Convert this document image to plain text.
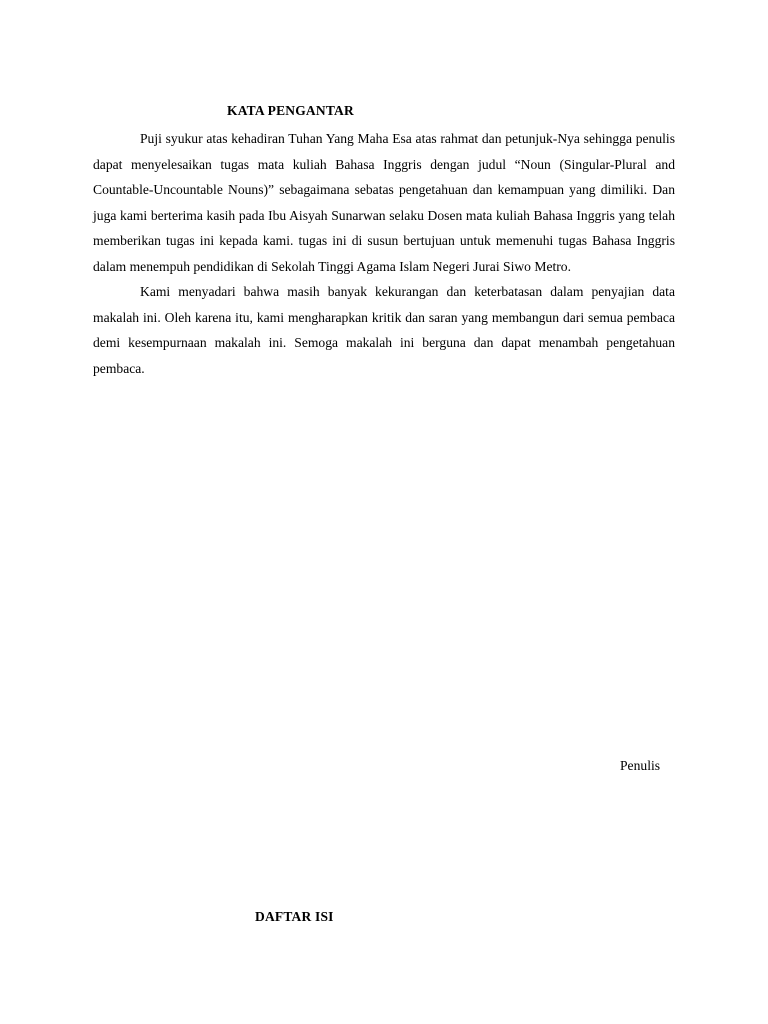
KATA PENGANTAR

Puji syukur atas kehadiran Tuhan Yang Maha Esa atas rahmat dan petunjuk-Nya sehingga penulis dapat menyelesaikan tugas mata kuliah Bahasa Inggris dengan judul “Noun (Singular-Plural and Countable-Uncountable Nouns)” sebagaimana sebatas pengetahuan dan kemampuan yang dimiliki. Dan juga kami berterima kasih pada Ibu Aisyah Sunarwan selaku Dosen mata kuliah Bahasa Inggris yang telah memberikan tugas ini kepada kami. tugas ini di susun bertujuan untuk memenuhi tugas Bahasa Inggris dalam menempuh pendidikan di Sekolah Tinggi Agama Islam Negeri Jurai Siwo Metro.

Kami menyadari bahwa masih banyak kekurangan dan keterbatasan dalam penyajian data makalah ini. Oleh karena itu, kami mengharapkan kritik dan saran yang membangun dari semua pembaca demi kesempurnaan makalah ini. Semoga makalah ini berguna dan dapat menambah pengetahuan pembaca.

Penulis
DAFTAR ISI
